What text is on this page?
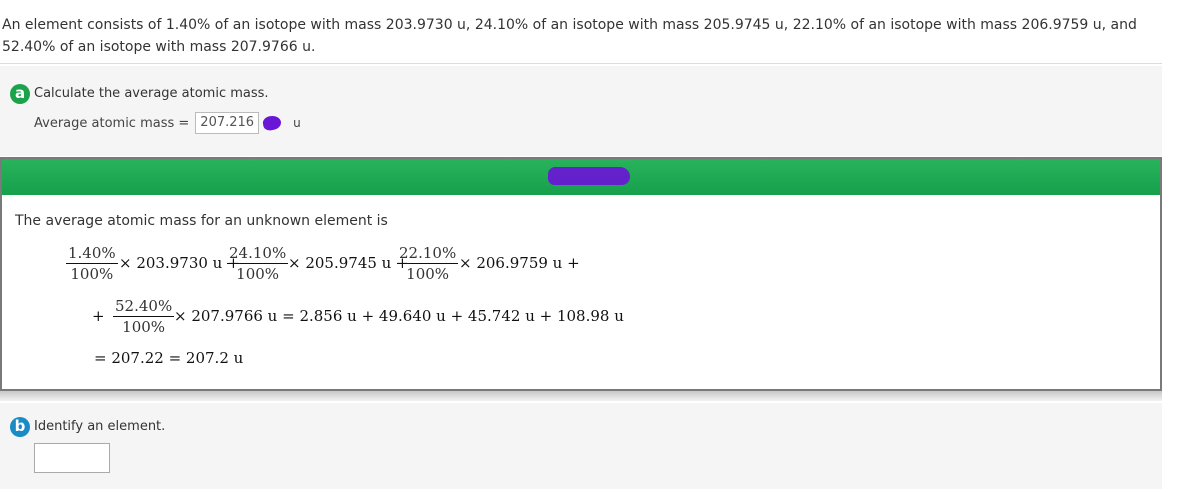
An element consists of 1.40% of an isotope with mass 203.9730 u, 24.10% of an isotope with mass 205.9745 u, 22.10% of an isotope with mass 206.9759 u, and 52.40% of an isotope with mass 207.9766 u.
a Calculate the average atomic mass.
Average atomic mass = 207.216	u
The average atomic mass for an unknown element is
$\frac{1.40\%}{100\%} \times 203.9730$ u +
$\frac{24.10\%}{100\%} \times 205.9745$ u +
$\frac{22.10\%}{100\%} \times 206.9759$ u +
+ $\frac{52.40\%}{100\%} \times 207.9766$ u = 2.856 u + 49.640 u + 45.742 u + 108.98 u
= 207.22 = 207.2 u
b Identify an element.
